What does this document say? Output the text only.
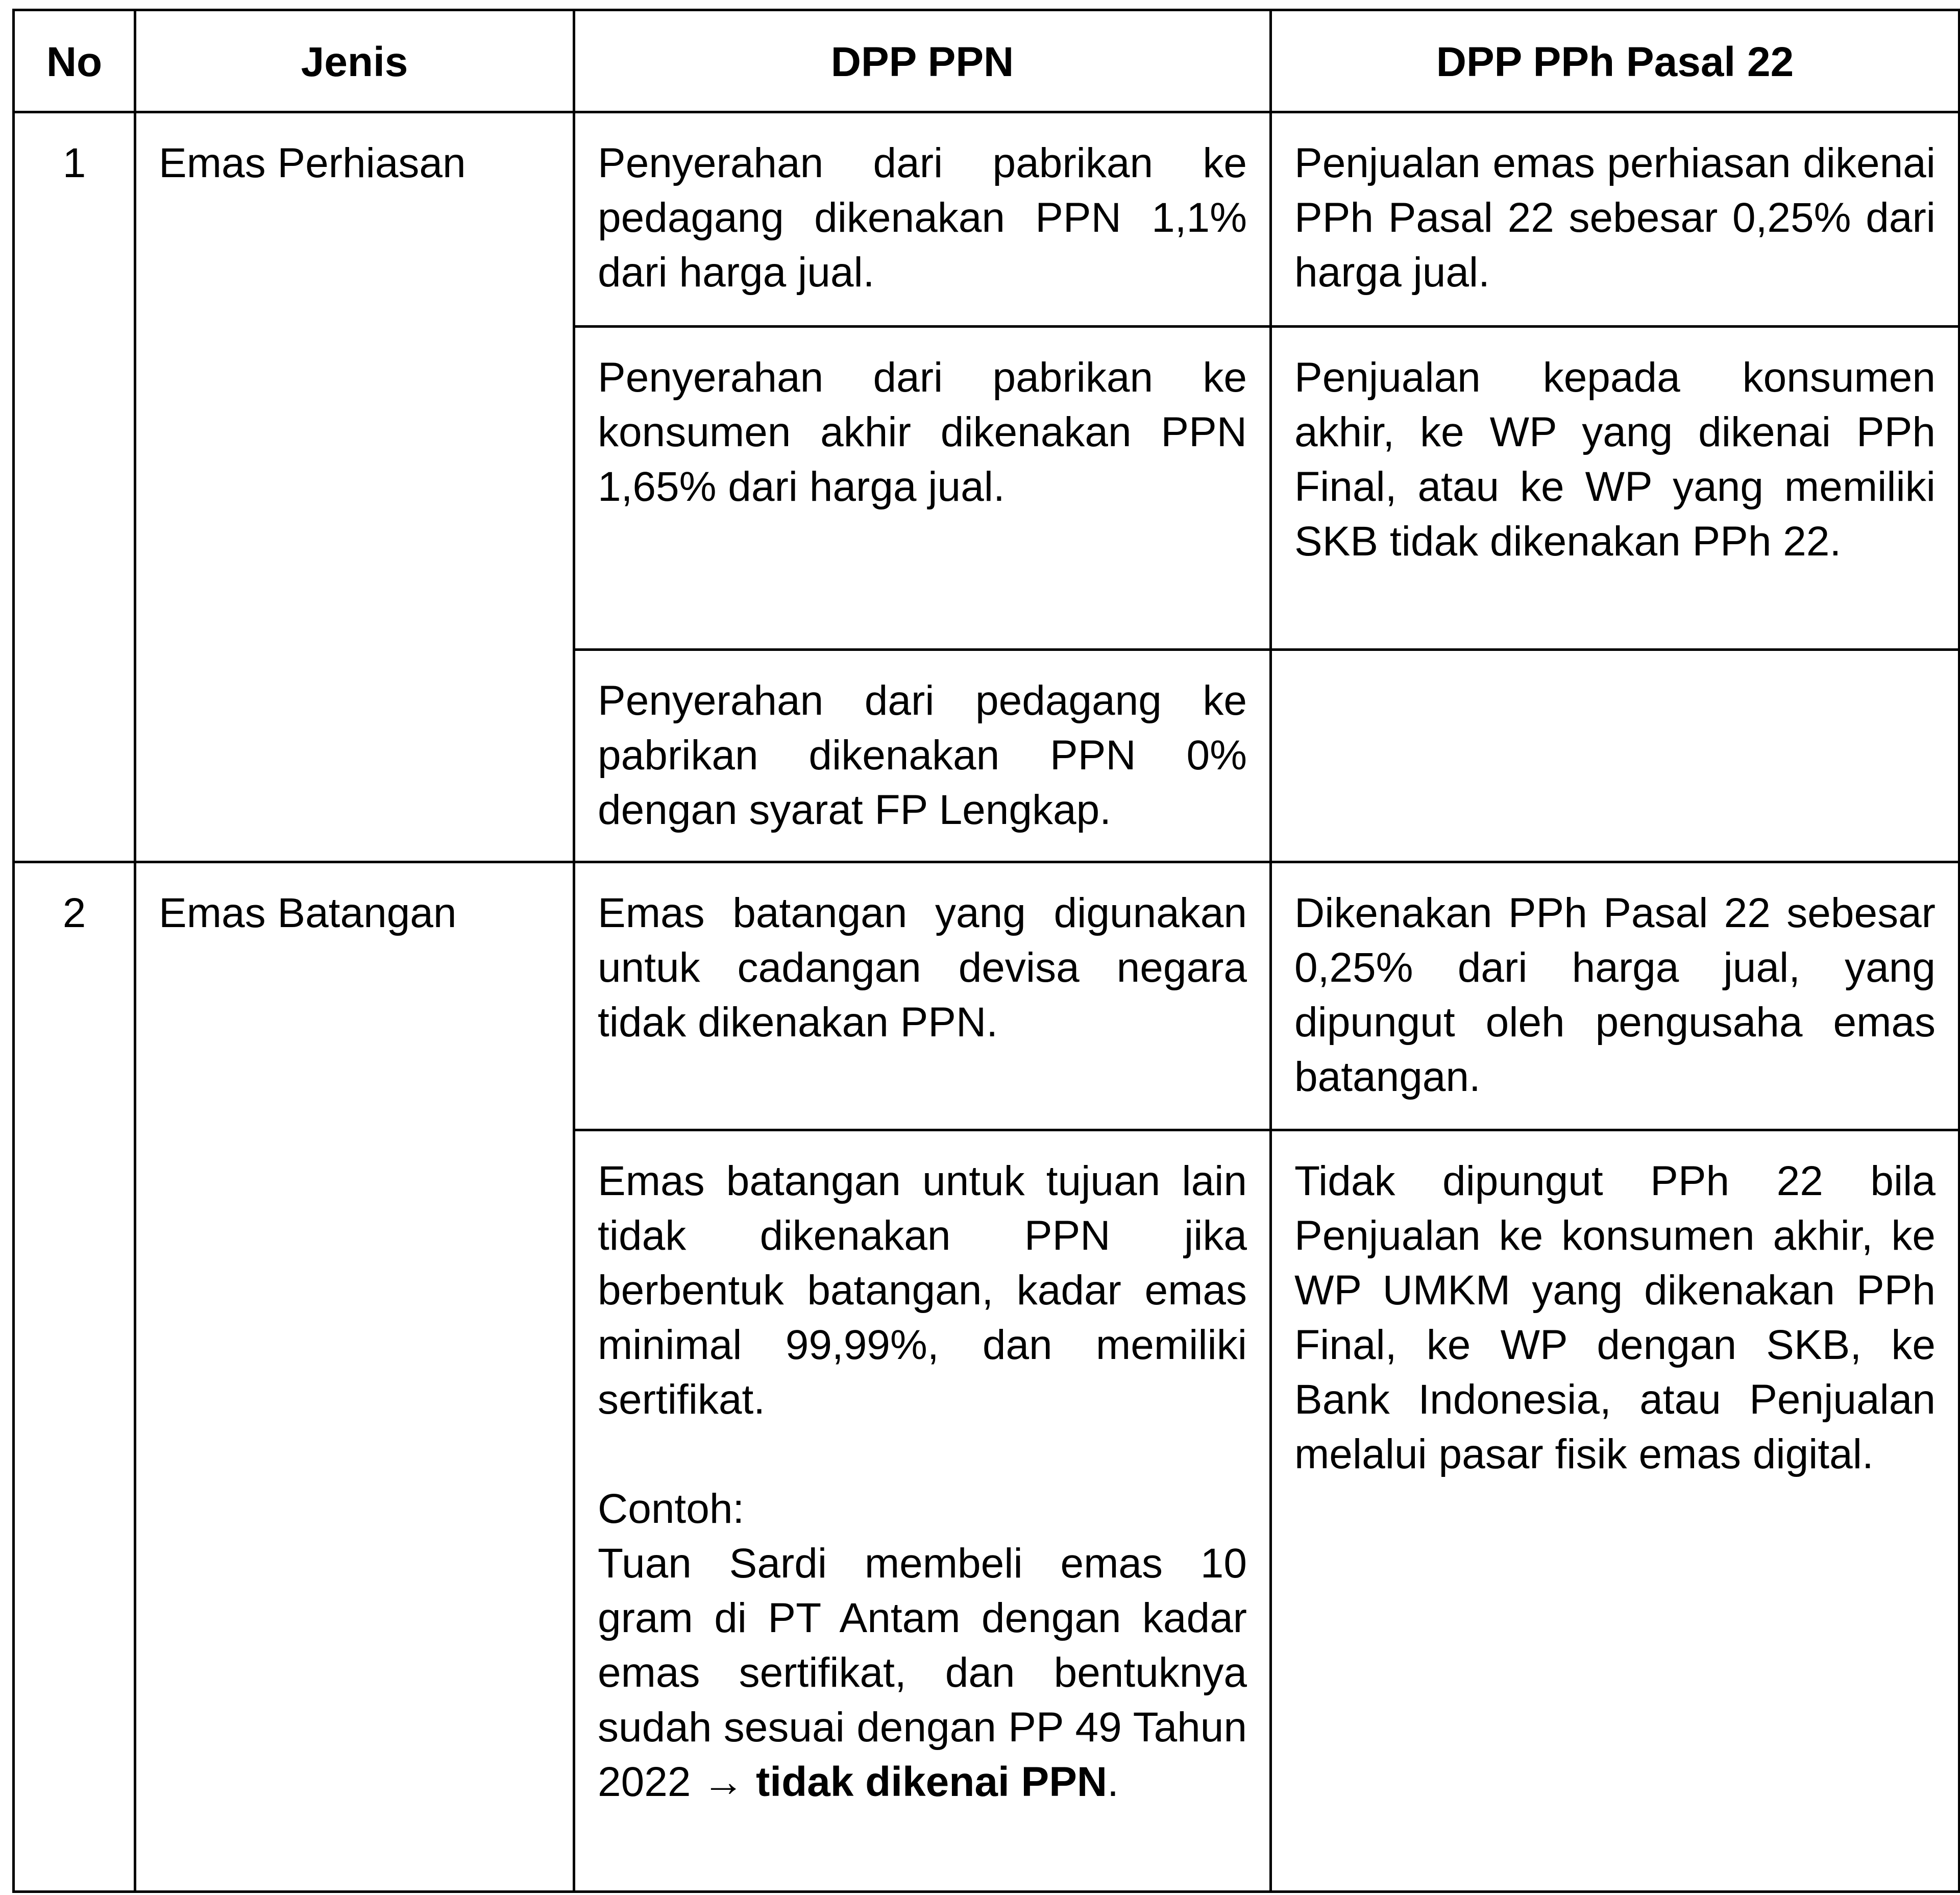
No	Jenis	DPP PPN	DPP PPh Pasal 22
1	Emas Perhiasan	Penyerahan dari pabrikan ke pedagang dikenakan PPN 1,1% dari harga jual.	Penjualan emas perhiasan dikenai PPh Pasal 22 sebesar 0,25% dari harga jual.
		Penyerahan dari pabrikan ke konsumen akhir dikenakan PPN 1,65% dari harga jual.	Penjualan kepada konsumen akhir, ke WP yang dikenai PPh Final, atau ke WP yang memiliki SKB tidak dikenakan PPh 22.
		Penyerahan dari pedagang ke pabrikan dikenakan PPN 0% dengan syarat FP Lengkap.	
2	Emas Batangan	Emas batangan yang digunakan untuk cadangan devisa negara tidak dikenakan PPN.	Dikenakan PPh Pasal 22 sebesar 0,25% dari harga jual, yang dipungut oleh pengusaha emas batangan.

		Emas batangan untuk tujuan lain tidak dikenakan PPN jika berbentuk batangan, kadar emas minimal 99,99%, dan memiliki sertifikat.
Contoh:
Tuan Sardi membeli emas 10 gram di PT Antam dengan kadar emas sertifikat, dan bentuknya sudah sesuai dengan PP 49 Tahun 2022 → tidak dikenai PPN.	Tidak dipungut PPh 22 bila Penjualan ke konsumen akhir, ke WP UMKM yang dikenakan PPh Final, ke WP dengan SKB, ke Bank Indonesia, atau Penjualan melalui pasar fisik emas digital.
